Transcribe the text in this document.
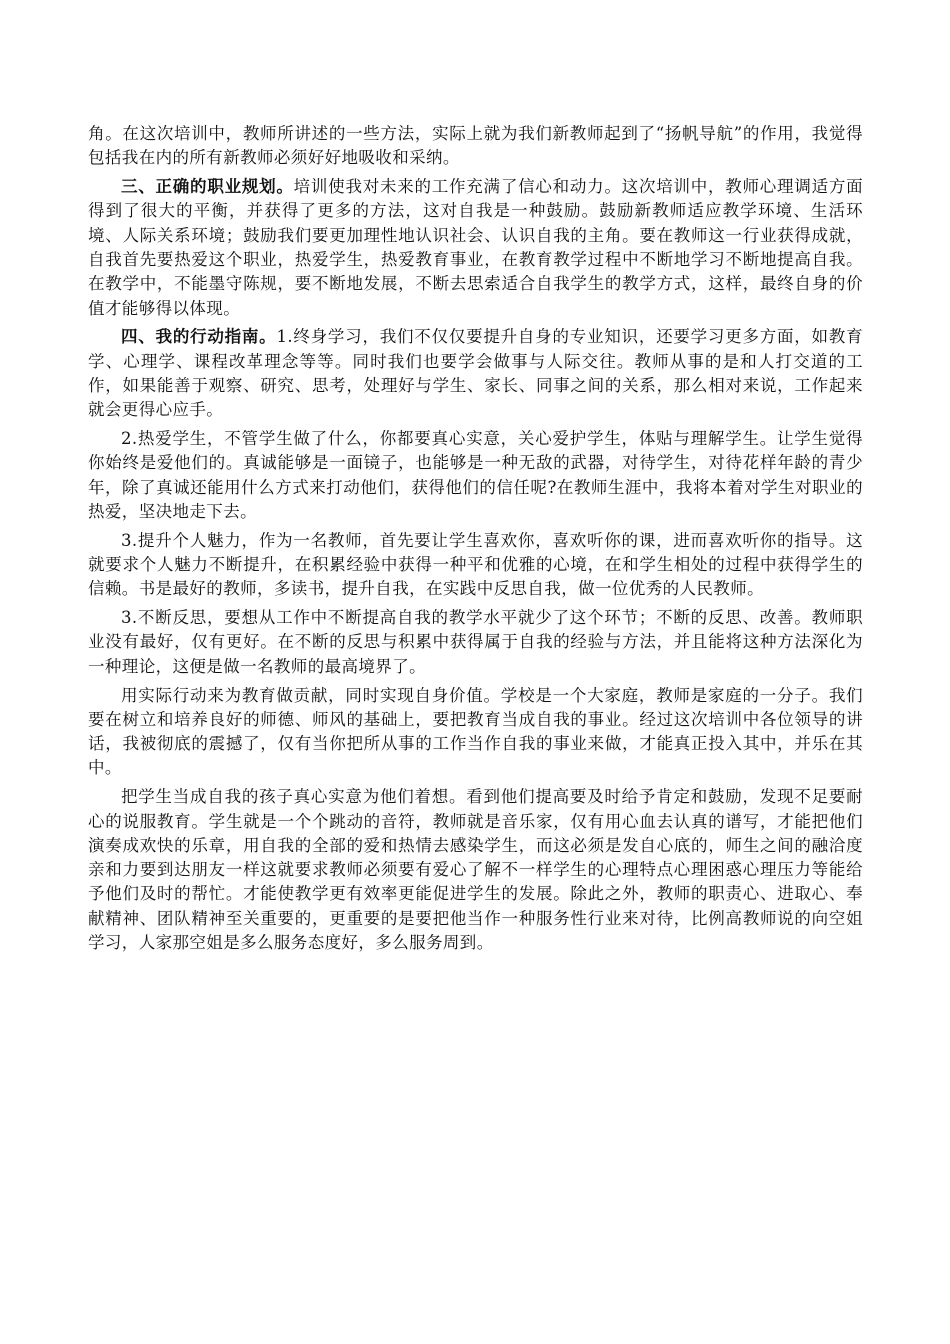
角。在这次培训中，教师所讲述的一些方法，实际上就为我们新教师起到了“扬帆导航”的作用，我觉得包括我在内的所有新教师必须好好地吸收和采纳。

三、正确的职业规划。培训使我对未来的工作充满了信心和动力。这次培训中，教师心理调适方面得到了很大的平衡，并获得了更多的方法，这对自我是一种鼓励。鼓励新教师适应教学环境、生活环境、人际关系环境；鼓励我们要更加理性地认识社会、认识自我的主角。要在教师这一行业获得成就，自我首先要热爱这个职业，热爱学生，热爱教育事业，在教育教学过程中不断地学习不断地提高自我。在教学中，不能墨守陈规，要不断地发展，不断去思索适合自我学生的教学方式，这样，最终自身的价值才能够得以体现。

四、我的行动指南。1.终身学习，我们不仅仅要提升自身的专业知识，还要学习更多方面，如教育学、心理学、课程改革理念等等。同时我们也要学会做事与人际交往。教师从事的是和人打交道的工作，如果能善于观察、研究、思考，处理好与学生、家长、同事之间的关系，那么相对来说，工作起来就会更得心应手。

2.热爱学生，不管学生做了什么，你都要真心实意，关心爱护学生，体贴与理解学生。让学生觉得你始终是爱他们的。真诚能够是一面镜子，也能够是一种无敌的武器，对待学生，对待花样年龄的青少年，除了真诚还能用什么方式来打动他们，获得他们的信任呢?在教师生涯中，我将本着对学生对职业的热爱，坚决地走下去。

3.提升个人魅力，作为一名教师，首先要让学生喜欢你，喜欢听你的课，进而喜欢听你的指导。这就要求个人魅力不断提升，在积累经验中获得一种平和优雅的心境，在和学生相处的过程中获得学生的信赖。书是最好的教师，多读书，提升自我，在实践中反思自我，做一位优秀的人民教师。

3.不断反思，要想从工作中不断提高自我的教学水平就少了这个环节；不断的反思、改善。教师职业没有最好，仅有更好。在不断的反思与积累中获得属于自我的经验与方法，并且能将这种方法深化为一种理论，这便是做一名教师的最高境界了。

用实际行动来为教育做贡献，同时实现自身价值。学校是一个大家庭，教师是家庭的一分子。我们要在树立和培养良好的师德、师风的基础上，要把教育当成自我的事业。经过这次培训中各位领导的讲话，我被彻底的震撼了，仅有当你把所从事的工作当作自我的事业来做，才能真正投入其中，并乐在其中。

把学生当成自我的孩子真心实意为他们着想。看到他们提高要及时给予肯定和鼓励，发现不足要耐心的说服教育。学生就是一个个跳动的音符，教师就是音乐家，仅有用心血去认真的谱写，才能把他们演奏成欢快的乐章，用自我的全部的爱和热情去感染学生，而这必须是发自心底的，师生之间的融洽度亲和力要到达朋友一样这就要求教师必须要有爱心了解不一样学生的心理特点心理困惑心理压力等能给予他们及时的帮忙。才能使教学更有效率更能促进学生的发展。除此之外，教师的职责心、进取心、奉献精神、团队精神至关重要的，更重要的是要把他当作一种服务性行业来对待，比例高教师说的向空姐学习，人家那空姐是多么服务态度好，多么服务周到。
